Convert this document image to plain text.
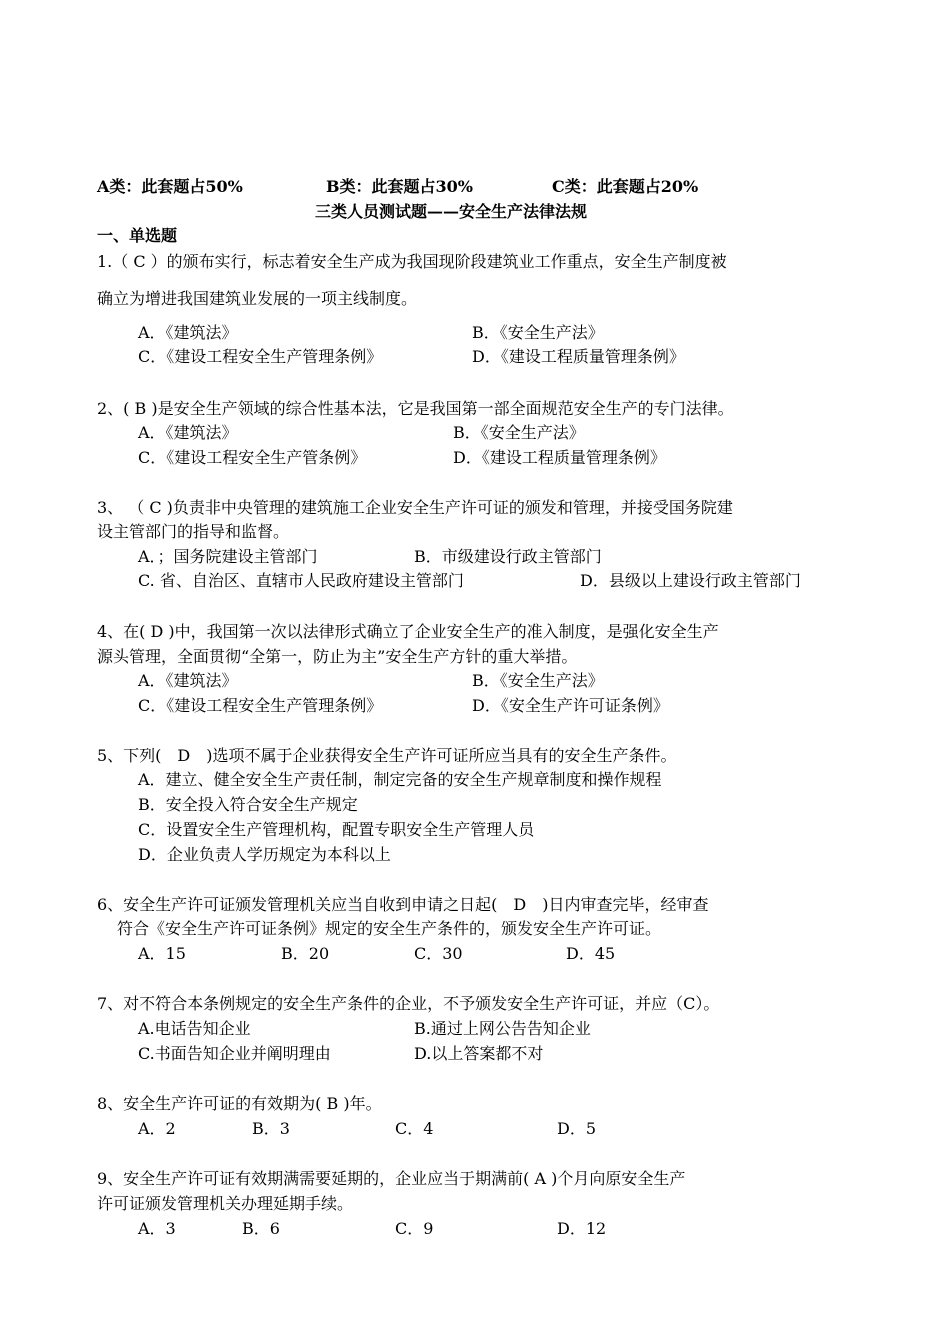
A类：此套题占50%	B类：此套题占30%	C类：此套题占20%
三类人员测试题——安全生产法律法规
一、单选题
1.（ C ）的颁布实行，标志着安全生产成为我国现阶段建筑业工作重点，安全生产制度被
确立为增进我国建筑业发展的一项主线制度。
A．《建筑法》	B．《安全生产法》
C．《建设工程安全生产管理条例》	D．《建设工程质量管理条例》
2、( B )是安全生产领域的综合性基本法，它是我国第一部全面规范安全生产的专门法律。
A．《建筑法》	B．《安全生产法》
C．《建设工程安全生产管条例》	D．《建设工程质量管理条例》
3、 （ C )负责非中央管理的建筑施工企业安全生产许可证的颁发和管理，并接受国务院建
设主管部门的指导和监督。
A．；国务院建设主管部门	B．市级建设行政主管部门
C. 省、自治区、直辖市人民政府建设主管部门	D．县级以上建设行政主管部门
4、在( D )中，我国第一次以法律形式确立了企业安全生产的准入制度，是强化安全生产
源头管理，全面贯彻“全第一，防止为主”安全生产方针的重大举措。
A．《建筑法》	B．《安全生产法》
C．《建设工程安全生产管理条例》	D．《安全生产许可证条例》
5、下列(　D　)选项不属于企业获得安全生产许可证所应当具有的安全生产条件。
A．建立、健全安全生产责任制，制定完备的安全生产规章制度和操作规程
B．安全投入符合安全生产规定
C．设置安全生产管理机构，配置专职安全生产管理人员
D．企业负责人学历规定为本科以上
6、安全生产许可证颁发管理机关应当自收到申请之日起(　D　)日内审查完毕，经审查
符合《安全生产许可证条例》规定的安全生产条件的，颁发安全生产许可证。
A．15	B．20	C．30	D．45
7、对不符合本条例规定的安全生产条件的企业，不予颁发安全生产许可证，并应（C）。
A.电话告知企业	B.通过上网公告告知企业
C.书面告知企业并阐明理由	D.以上答案都不对
8、安全生产许可证的有效期为( B )年。
A．2	B．3	C．4	D．5
9、安全生产许可证有效期满需要延期的，企业应当于期满前( A )个月向原安全生产
许可证颁发管理机关办理延期手续。
A．3	B．6	C．9	D．12
